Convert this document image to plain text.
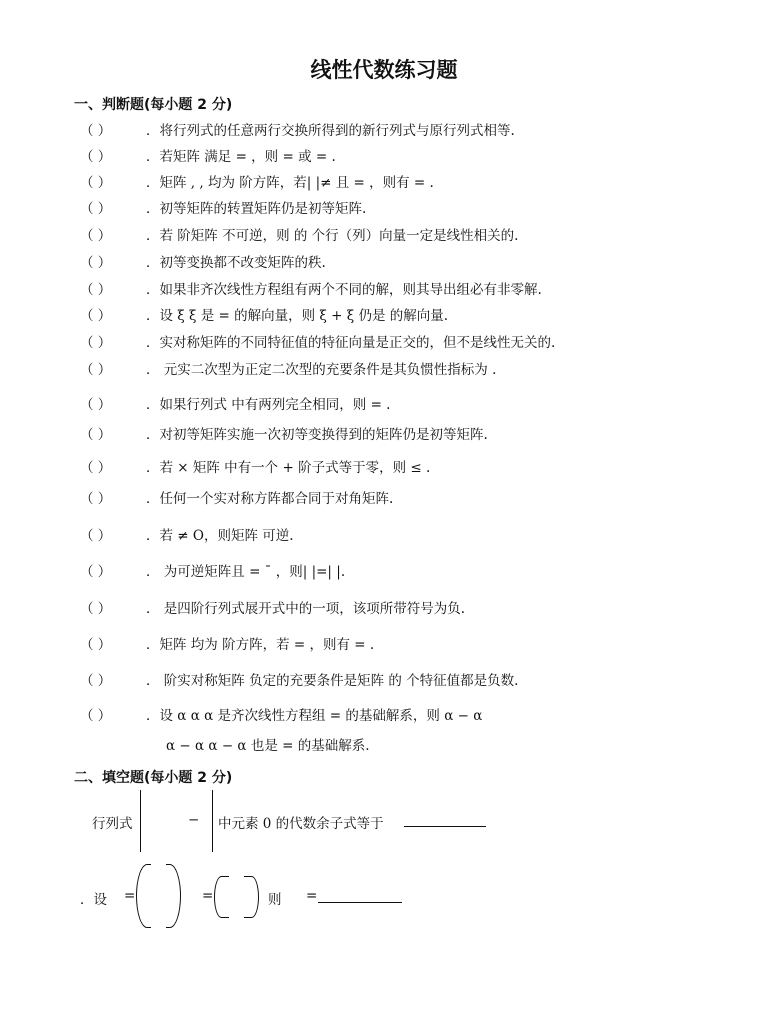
线性代数练习题
一、判断题(每小题 2 分)
（ ）	．将行列式的任意两行交换所得到的新行列式与原行列式相等.
（ ）	．若矩阵 满足 = ，则 = 或 = .
（ ）	．矩阵 , , 均为 阶方阵，若| |≠ 且 = ，则有 = .
（ ）	．初等矩阵的转置矩阵仍是初等矩阵.
（ ）	．若 阶矩阵 不可逆，则 的 个行（列）向量一定是线性相关的.
（ ）	．初等变换都不改变矩阵的秩.
（ ）	．如果非齐次线性方程组有两个不同的解，则其导出组必有非零解.
（ ）	．设 ξ ξ 是 = 的解向量，则 ξ + ξ 仍是 的解向量.
（ ）	．实对称矩阵的不同特征值的特征向量是正交的，但不是线性无关的.
（ ）	． 元实二次型为正定二次型的充要条件是其负惯性指标为 .
（ ）	．如果行列式 中有两列完全相同，则 = .
（ ）	．对初等矩阵实施一次初等变换得到的矩阵仍是初等矩阵.
（ ）	．若 × 矩阵 中有一个 + 阶子式等于零，则 ≤ .
（ ）	．任何一个实对称方阵都合同于对角矩阵.
（ ）	．若 ≠ O，则矩阵 可逆.
（ ）	． 为可逆矩阵且 = ¯ ，则| |=| |.
（ ）	． 是四阶行列式展开式中的一项，该项所带符号为负.
（ ）	．矩阵 均为 阶方阵，若 = ，则有 = .
（ ）	． 阶实对称矩阵 负定的充要条件是矩阵 的 个特征值都是负数.
（ ）	．设 α α α 是齐次线性方程组 = 的基础解系，则 α − α
α − α α − α 也是 = 的基础解系.
二、填空题(每小题 2 分)
行列式	− 中元素 0 的代数余子式等于
．设 =	=	则 =
